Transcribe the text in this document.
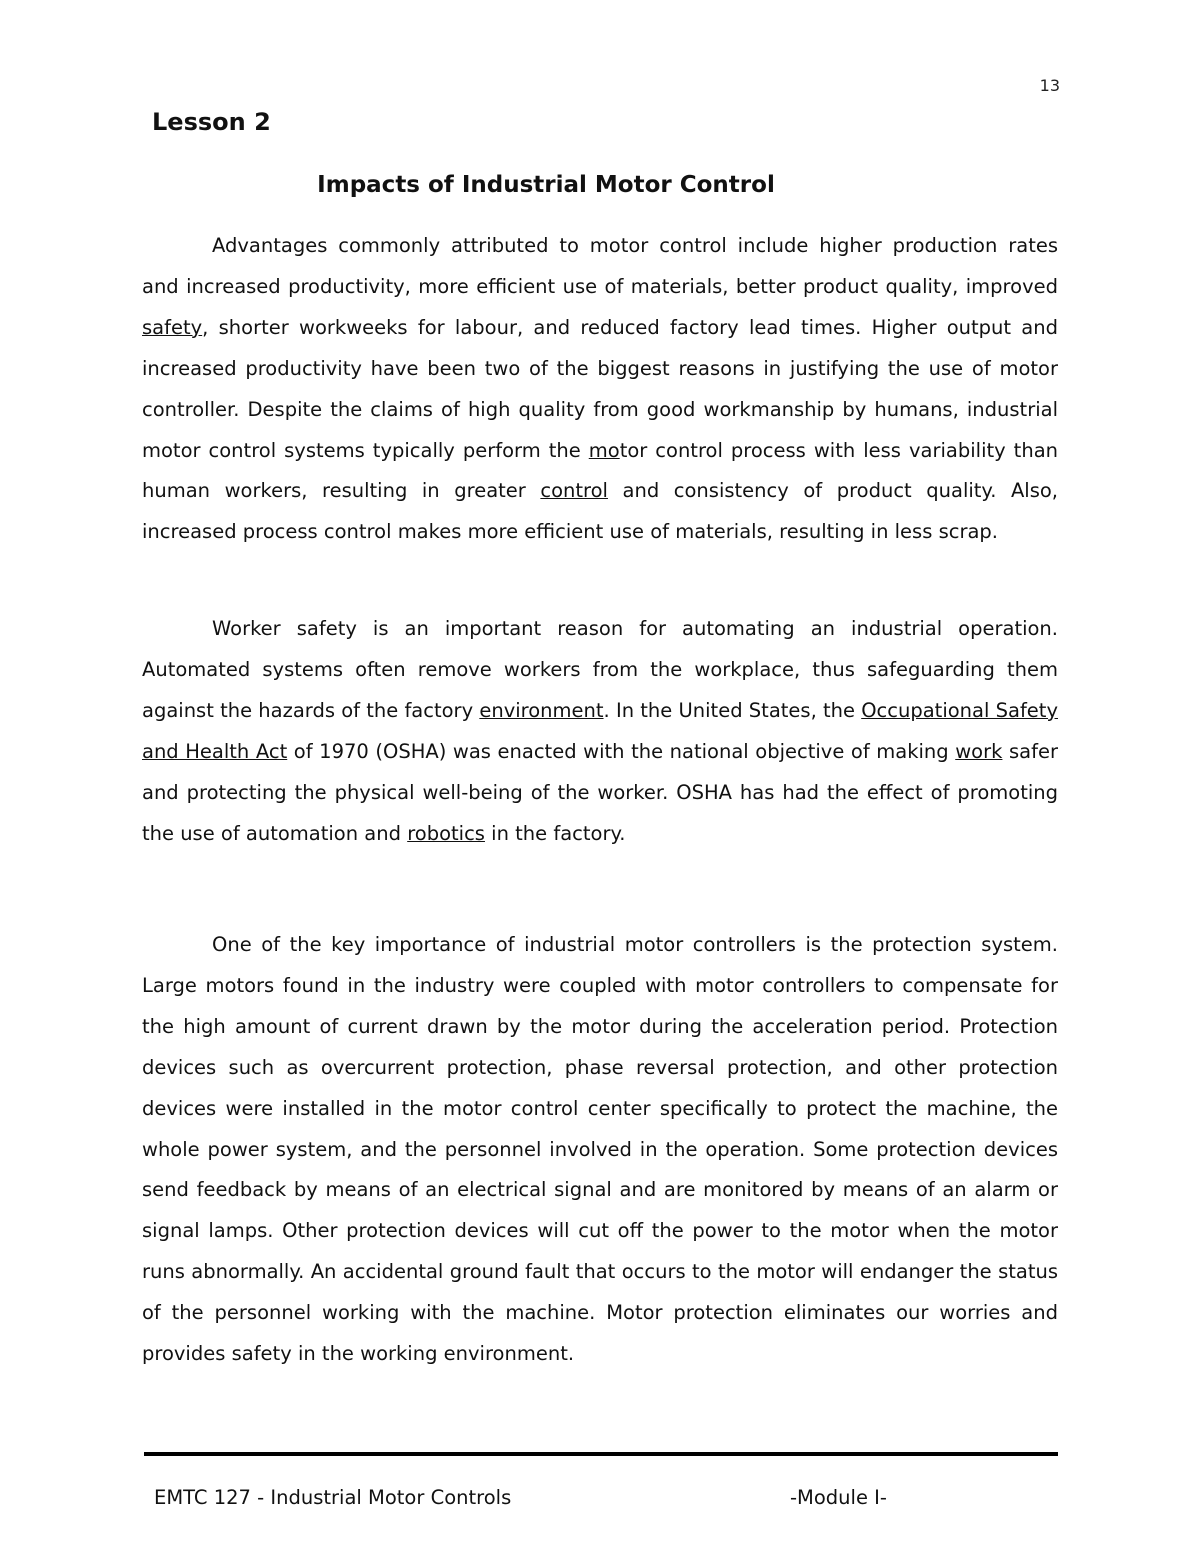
13
Lesson 2
Impacts of Industrial Motor Control

Advantages commonly attributed to motor control include higher production rates and increased productivity, more efficient use of materials, better product quality, improved safety, shorter workweeks for labour, and reduced factory lead times. Higher output and increased productivity have been two of the biggest reasons in justifying the use of motor controller. Despite the claims of high quality from good workmanship by humans, industrial motor control systems typically perform the motor control process with less variability than human workers, resulting in greater control and consistency of product quality. Also, increased process control makes more efficient use of materials, resulting in less scrap.

Worker safety is an important reason for automating an industrial operation. Automated systems often remove workers from the workplace, thus safeguarding them against the hazards of the factory environment. In the United States, the Occupational Safety and Health Act of 1970 (OSHA) was enacted with the national objective of making work safer and protecting the physical well-being of the worker. OSHA has had the effect of promoting the use of automation and robotics in the factory.

One of the key importance of industrial motor controllers is the protection system. Large motors found in the industry were coupled with motor controllers to compensate for the high amount of current drawn by the motor during the acceleration period. Protection devices such as overcurrent protection, phase reversal protection, and other protection devices were installed in the motor control center specifically to protect the machine, the whole power system, and the personnel involved in the operation. Some protection devices send feedback by means of an electrical signal and are monitored by means of an alarm or signal lamps. Other protection devices will cut off the power to the motor when the motor runs abnormally. An accidental ground fault that occurs to the motor will endanger the status of the personnel working with the machine. Motor protection eliminates our worries and provides safety in the working environment.

EMTC 127 - Industrial Motor Controls	-Module I-
